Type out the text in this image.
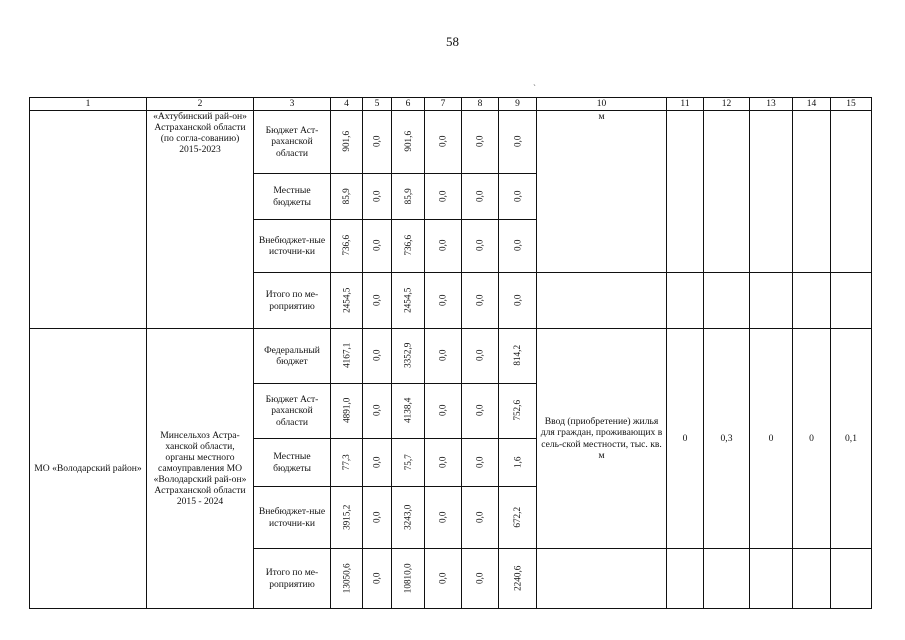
58
`
1	2	3	4	5	6	7	8	9	10	11	12	13	14	15
	«Ахтубинский рай-он» Астраханской области (по согла-сованию) 2015-2023	Бюджет Аст-раханской области	901,6	0,0	901,6	0,0	0,0	0,0	м					
		Местные бюджеты	85,9	0,0	85,9	0,0	0,0	0,0						
		Внебюджет-ные источни-ки	736,6	0,0	736,6	0,0	0,0	0,0						
		Итого по ме-роприятию	2454,5	0,0	2454,5	0,0	0,0	0,0						
МО «Володарский район»	Минсельхоз Астра-ханской области, органы местного самоуправления МО «Володарский рай-он» Астраханской области 2015 - 2024	Федеральный бюджет	4167,1	0,0	3352,9	0,0	0,0	814,2	Ввод (приобретение) жилья для граждан, проживающих в сель-ской местности, тыс. кв. м	0	0,3	0	0	0,1
		Бюджет Аст-раханской области	4891,0	0,0	4138,4	0,0	0,0	752,6						
		Местные бюджеты	77,3	0,0	75,7	0,0	0,0	1,6						
		Внебюджет-ные источни-ки	3915,2	0,0	3243,0	0,0	0,0	672,2						
		Итого по ме-роприятию	13050,6	0,0	10810,0	0,0	0,0	2240,6						
